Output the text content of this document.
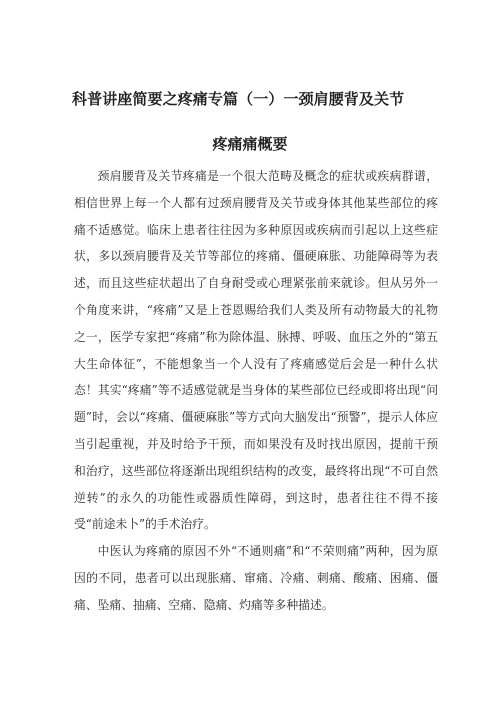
科普讲座简要之疼痛专篇（一）一颈肩腰背及关节
疼痛痛概要

颈肩腰背及关节疼痛是一个很大范畴及概念的症状或疾病群谱，相信世界上每一个人都有过颈肩腰背及关节或身体其他某些部位的疼痛不适感觉。临床上患者往往因为多种原因或疾病而引起以上这些症状，多以颈肩腰背及关节等部位的疼痛、僵硬麻胀、功能障碍等为表述，而且这些症状超出了自身耐受或心理紧张前来就诊。但从另外一个角度来讲，“疼痛”又是上苍恩赐给我们人类及所有动物最大的礼物之一，医学专家把“疼痛”称为除体温、脉搏、呼吸、血压之外的“第五大生命体征”，不能想象当一个人没有了疼痛感觉后会是一种什么状态！其实“疼痛”等不适感觉就是当身体的某些部位已经或即将出现“问题”时，会以“疼痛、僵硬麻胀”等方式向大脑发出“预警”，提示人体应当引起重视，并及时给予干预，而如果没有及时找出原因，提前干预和治疗，这些部位将逐渐出现组织结构的改变，最终将出现“不可自然逆转”的永久的功能性或器质性障碍，到这时，患者往往不得不接受“前途未卜”的手术治疗。

中医认为疼痛的原因不外“不通则痛”和“不荣则痛”两种，因为原因的不同，患者可以出现胀痛、窜痛、冷痛、刺痛、酸痛、困痛、僵痛、坠痛、抽痛、空痛、隐痛、灼痛等多种描述。
